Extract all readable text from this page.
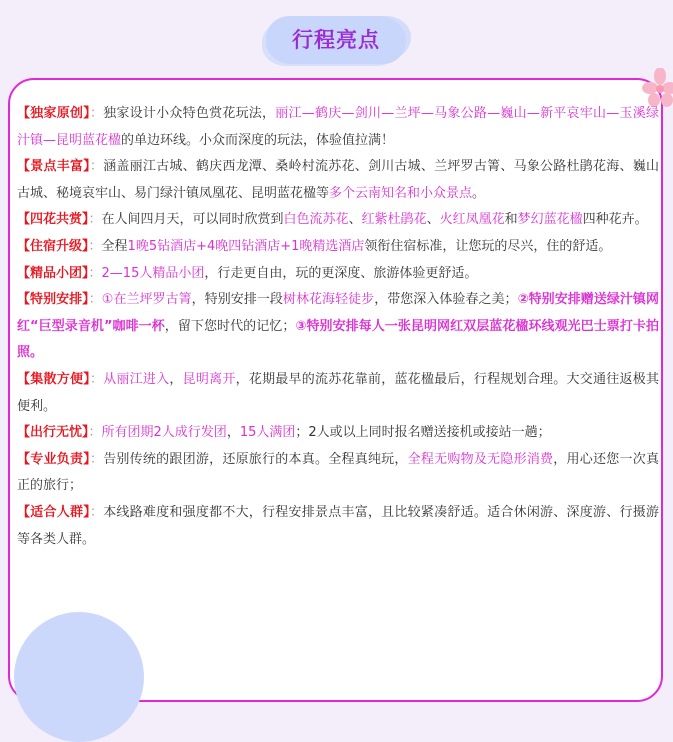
行程亮点

【独家原创】：独家设计小众特色赏花玩法，丽江—鹤庆—剑川—兰坪—马象公路—巍山—新平哀牢山—玉溪绿汁镇—昆明蓝花楹的单边环线。小众而深度的玩法，体验值拉满！

【景点丰富】：涵盖丽江古城、鹤庆西龙潭、桑岭村流苏花、剑川古城、兰坪罗古箐、马象公路杜鹃花海、巍山古城、秘境哀牢山、易门绿汁镇凤凰花、昆明蓝花楹等多个云南知名和小众景点。

【四花共赏】：在人间四月天，可以同时欣赏到白色流苏花、红紫杜鹃花、火红凤凰花和梦幻蓝花楹四种花卉。

【住宿升级】：全程1晚5钻酒店+4晚四钻酒店+1晚精选酒店领衔住宿标准，让您玩的尽兴，住的舒适。

【精品小团】：2—15人精品小团，行走更自由，玩的更深度、旅游体验更舒适。

【特别安排】：①在兰坪罗古箐，特别安排一段树林花海轻徒步，带您深入体验春之美；②特别安排赠送绿汁镇网红“巨型录音机”咖啡一杯，留下您时代的记忆；③特别安排每人一张昆明网红双层蓝花楹环线观光巴士票打卡拍照。

【集散方便】：从丽江进入，昆明离开，花期最早的流苏花靠前，蓝花楹最后，行程规划合理。大交通往返极其便利。

【出行无忧】：所有团期2人成行发团，15人满团；2人或以上同时报名赠送接机或接站一趟；

【专业负责】：告别传统的跟团游，还原旅行的本真。全程真纯玩，全程无购物及无隐形消费，用心还您一次真正的旅行；

【适合人群】：本线路难度和强度都不大，行程安排景点丰富，且比较紧凑舒适。适合休闲游、深度游、行摄游等各类人群。
